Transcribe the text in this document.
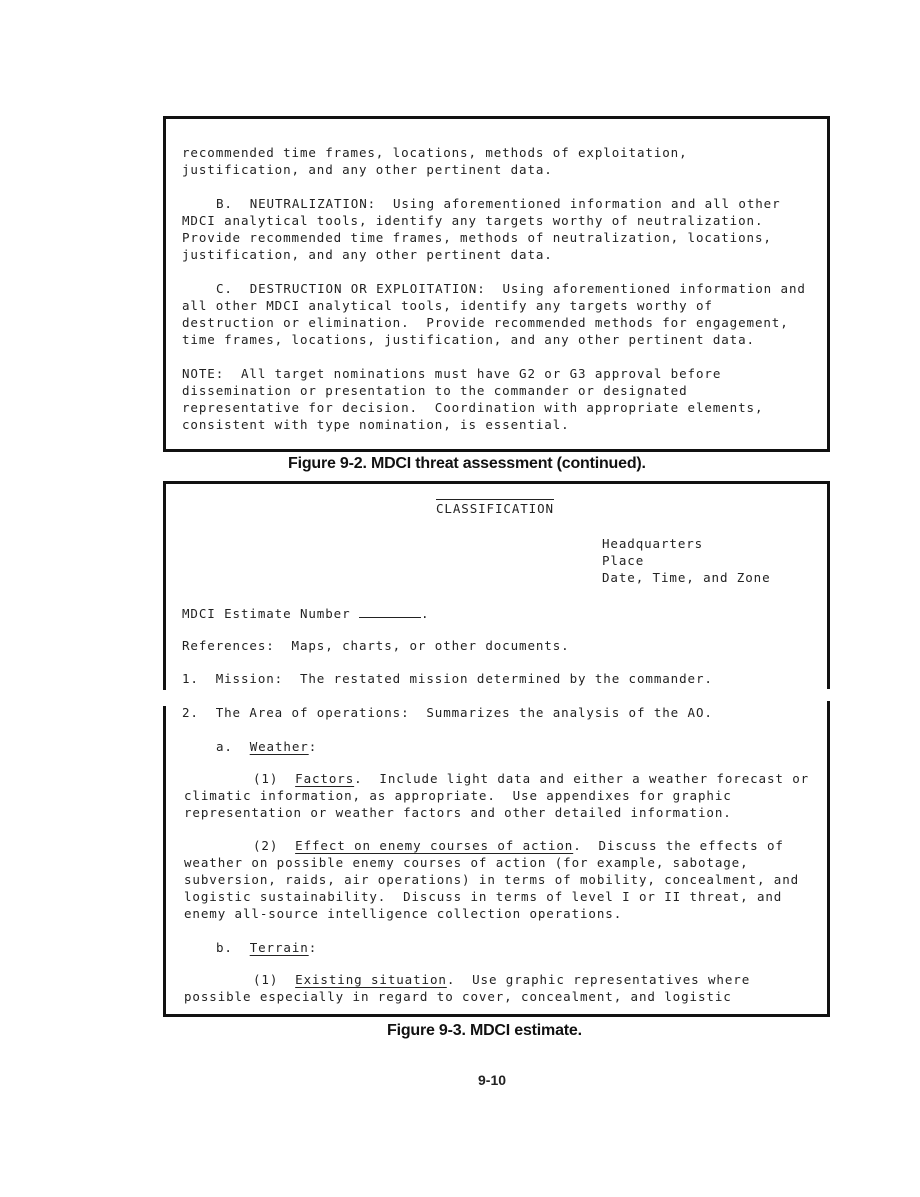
recommended time frames, locations, methods of exploitation,
justification, and any other pertinent data.
B.  NEUTRALIZATION:  Using aforementioned information and all other
MDCI analytical tools, identify any targets worthy of neutralization.
Provide recommended time frames, methods of neutralization, locations,
justification, and any other pertinent data.
C.  DESTRUCTION OR EXPLOITATION:  Using aforementioned information and
all other MDCI analytical tools, identify any targets worthy of
destruction or elimination.  Provide recommended methods for engagement,
time frames, locations, justification, and any other pertinent data.
NOTE:  All target nominations must have G2 or G3 approval before
dissemination or presentation to the commander or designated
representative for decision.  Coordination with appropriate elements,
consistent with type nomination, is essential.
Figure 9-2. MDCI threat assessment (continued).
CLASSIFICATION
Headquarters
Place
Date, Time, and Zone
MDCI Estimate Number	.
References:  Maps, charts, or other documents.
1.  Mission:  The restated mission determined by the commander.
2.  The Area of operations:  Summarizes the analysis of the AO.
a.  Weather:
(1)  Factors.  Include light data and either a weather forecast or
climatic information, as appropriate.  Use appendixes for graphic
representation or weather factors and other detailed information.
(2)  Effect on enemy courses of action.  Discuss the effects of
weather on possible enemy courses of action (for example, sabotage,
subversion, raids, air operations) in terms of mobility, concealment, and
logistic sustainability.  Discuss in terms of level I or II threat, and
enemy all-source intelligence collection operations.
b.  Terrain:
(1)  Existing situation.  Use graphic representatives where
possible especially in regard to cover, concealment, and logistic
Figure 9-3. MDCI estimate.
9-10
